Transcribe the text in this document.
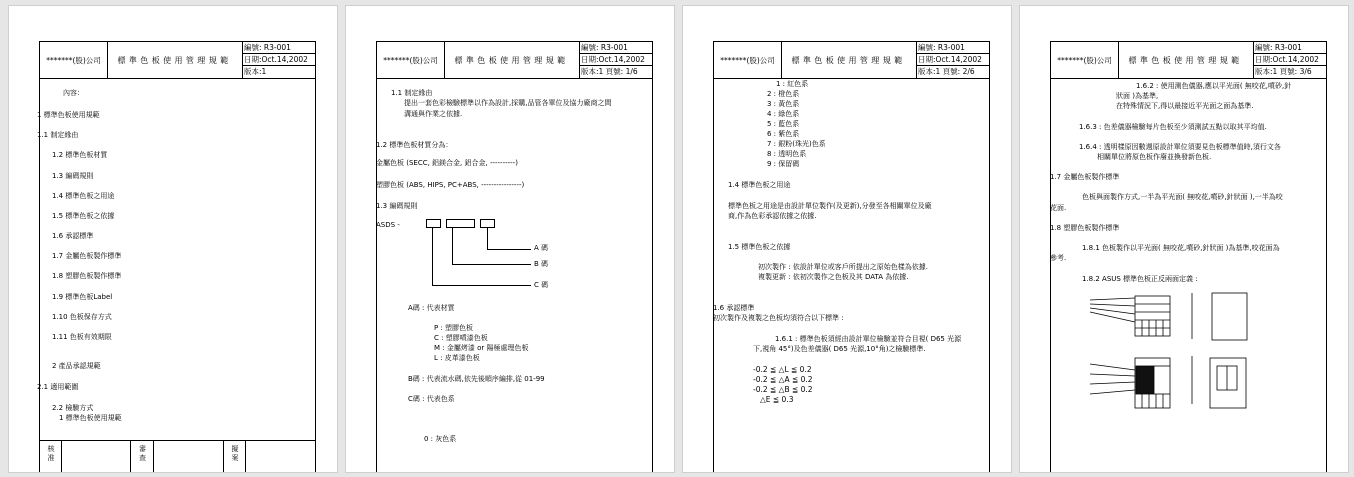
*******(股)公司	標準色板使用管理規範
編號: R3-001
日期:Oct.14,2002
版本:1
內容：
1 標準色板使用規範
1.1 制定緣由
1.2 標準色板材質
1.3 編碼規則
1.4 標準色板之用途
1.5 標準色板之依據
1.6 承認標準
1.7 金屬色板製作標準
1.8 塑膠色板製作標準
1.9 標準色板Label
1.10 色板保存方式
1.11 色板有效期限
2 產品承認規範
2.1 適用範圍
2.2 檢驗方式
1 標準色板使用規範
核准	審查	擬案
*******(股)公司	標準色板使用管理規範
編號: R3-001
日期:Oct.14,2002
版本:1 頁號: 1/6
1.1 制定緣由
提出一套色彩檢驗標準以作為設計,採購,品管各單位及協力廠商之間
溝通與作業之依據.
1.2 標準色板材質分為：
金屬色板 (SECC, 鋁鎂合金, 鋁合金, ----------)
塑膠色板 (ABS, HIPS, PC+ABS, ----------------)
1.3 編碼規則
ASDS -
A 碼
B 碼
C 碼
A碼 : 代表材質
P : 塑膠色板
C : 塑膠噴漆色板
M : 金屬烤漆 or 陽極處理色板
L : 皮革漆色板
B碼 : 代表流水碼,依先後順序編排,從 01-99
C碼 : 代表色系
0 : 灰色系
*******(股)公司	標準色板使用管理規範
編號: R3-001
日期:Oct.14,2002
版本:1 頁號: 2/6
1 : 紅色系
2 : 橙色系
3 : 黃色系
4 : 綠色系
5 : 藍色系
6 : 紫色系
7 : 銀粉(珠光)色系
8 : 透明色系
9 : 保留碼
1.4 標準色板之用途
標準色板之用途是由設計單位製作(及更新),分發至各相關單位及廠
商,作為色彩承認依據之依據.
1.5 標準色板之依據
初次製作 : 依設計單位或客戶所提出之原始色樣為依據.
複製更新 : 依初次製作之色板及其 DATA 為依據.
1.6 承認標準
初次製作及複製之色板均須符合以下標準 :
1.6.1 : 標準色板須經由設計單位檢驗並符合目視( D65 光源
下,視角 45°)及色差儀器( D65 光源,10°角)之檢驗標準.
-0.2 ≦ △L ≦ 0.2
-0.2 ≦ △A ≦ 0.2
-0.2 ≦ △B ≦ 0.2
△E ≦ 0.3
*******(股)公司	標準色板使用管理規範
編號: R3-001
日期:Oct.14,2002
版本:1 頁號: 3/6
1.6.2 : 使用測色儀器,應以平光面( 無咬花,噴砂,針
狀面 )為基準,
在特殊情況下,得以最接近平光面之面為基準.
1.6.3 : 色差儀器檢驗每片色板至少須測試五點以取其平均值.
1.6.4 : 透明樣原因數週原設計單位須要見色板標準值時,須行文各
相關單位將原色板作廢並換發新色板.
1.7 金屬色板製作標準
色板與面製作方式,一半為平光面( 無咬花,噴砂,針狀面 ),一半為咬
花面.
1.8 塑膠色板製作標準
1.8.1 色板製作以平光面( 無咬花,噴砂,針狀面 )為基準,咬花面為
參考.
1.8.2 ASUS 標準色板正反兩面定義 :
